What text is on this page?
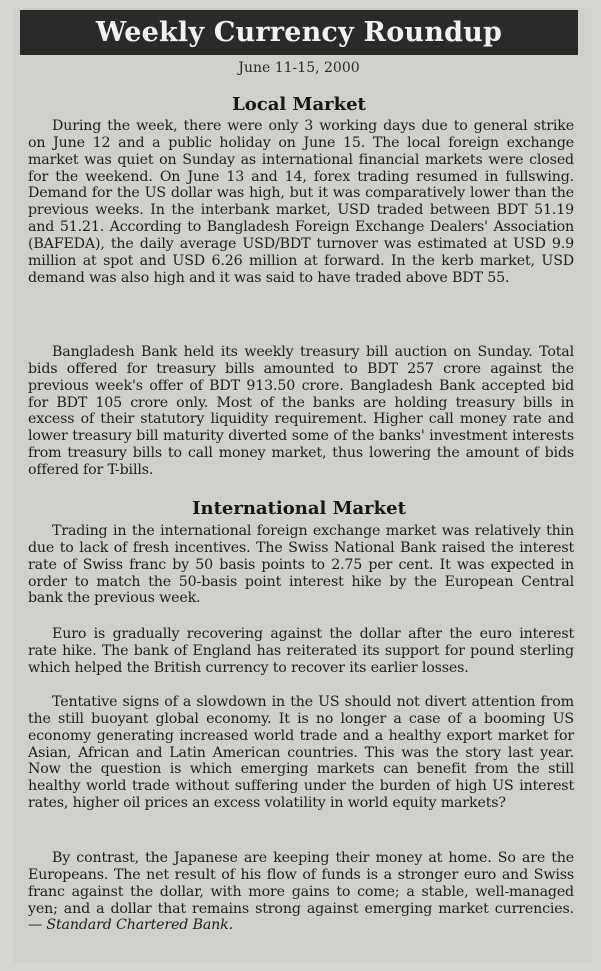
Weekly Currency Roundup
June 11-15, 2000
Local Market

During the week, there were only 3 working days due to general strike on June 12 and a public holiday on June 15. The local foreign exchange market was quiet on Sunday as international financial markets were closed for the weekend. On June 13 and 14, forex trading resumed in fullswing. Demand for the US dollar was high, but it was comparatively lower than the previous weeks. In the interbank market, USD traded between BDT 51.19 and 51.21. According to Bangladesh Foreign Exchange Dealers' Association (BAFEDA), the daily average USD/BDT turnover was estimated at USD 9.9 million at spot and USD 6.26 million at forward. In the kerb market, USD demand was also high and it was said to have traded above BDT 55.

Bangladesh Bank held its weekly treasury bill auction on Sunday. Total bids offered for treasury bills amounted to BDT 257 crore against the previous week's offer of BDT 913.50 crore. Bangladesh Bank accepted bid for BDT 105 crore only. Most of the banks are holding treasury bills in excess of their statutory liquidity requirement. Higher call money rate and lower treasury bill maturity diverted some of the banks' investment interests from treasury bills to call money market, thus lowering the amount of bids offered for T-bills.

International Market

Trading in the international foreign exchange market was relatively thin due to lack of fresh incentives. The Swiss National Bank raised the interest rate of Swiss franc by 50 basis points to 2.75 per cent. It was expected in order to match the 50-basis point interest hike by the European Central bank the previous week.

Euro is gradually recovering against the dollar after the euro interest rate hike. The bank of England has reiterated its support for pound sterling which helped the British currency to recover its earlier losses.

Tentative signs of a slowdown in the US should not divert attention from the still buoyant global economy. It is no longer a case of a booming US economy generating increased world trade and a healthy export market for Asian, African and Latin American countries. This was the story last year. Now the question is which emerging markets can benefit from the still healthy world trade without suffering under the burden of high US interest rates, higher oil prices an excess volatility in world equity markets?

By contrast, the Japanese are keeping their money at home. So are the Europeans. The net result of his flow of funds is a stronger euro and Swiss franc against the dollar, with more gains to come; a stable, well-managed yen; and a dollar that remains strong against emerging market currencies. — Standard Chartered Bank.
